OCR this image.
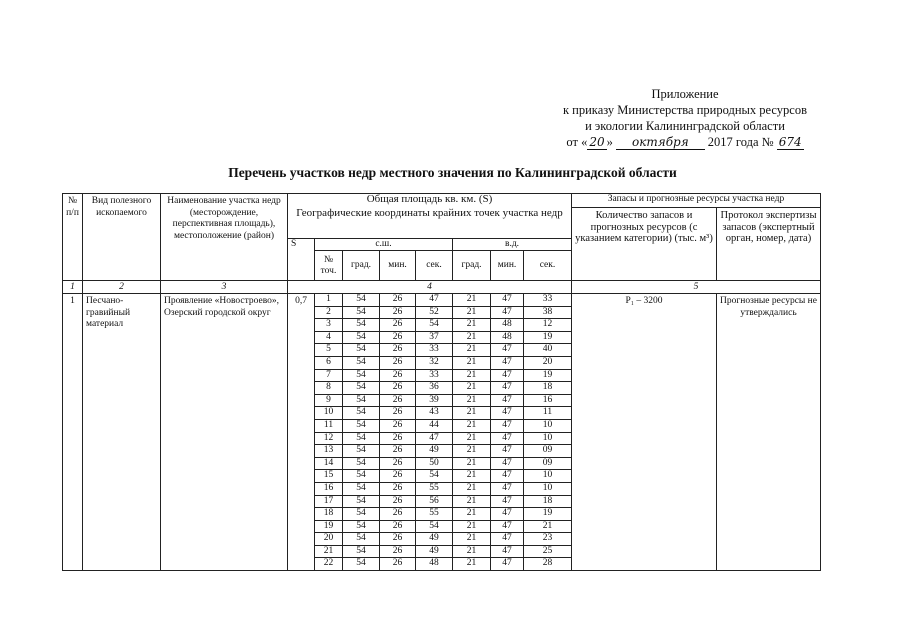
Приложение
к приказу Министерства природных ресурсов
и экологии Калининградской области
от « 20 » октября 2017 года № 674
Перечень участков недр местного значения по Калининградской области
№ п/п	Вид полезного ископаемого	Наименование участка недр (месторождение, перспективная площадь), местоположение (район)	Общая площадь кв. км. (S)								Запасы и прогнозные ресурсы участка недр	
			Географические координаты крайних точек участка недр								Количество запасов и прогнозных ресурсов (с указанием категории) (тыс. м³)	Протокол экспертизы запасов (экспертный орган, номер, дата)
			S	с.ш.				в.д.				
				№ точ.	град.	мин.	сек.	град.	мин.	сек.		
1	2	3	4								5	
1	Песчано-гравийный материал	Проявление «Новостроево», Озерский городской округ	0,7	1	54	26	47	21	47	33	P₁ – 3200	Прогнозные ресурсы не утверждались
				2	54	26	52	21	47	38		
				3	54	26	54	21	48	12		
				4	54	26	37	21	48	19		
				5	54	26	33	21	47	40		
				6	54	26	32	21	47	20		
				7	54	26	33	21	47	19		
				8	54	26	36	21	47	18		
				9	54	26	39	21	47	16		
				10	54	26	43	21	47	11		
				11	54	26	44	21	47	10		
				12	54	26	47	21	47	10		
				13	54	26	49	21	47	09		
				14	54	26	50	21	47	09		
				15	54	26	54	21	47	10		
				16	54	26	55	21	47	10		
				17	54	26	56	21	47	18		
				18	54	26	55	21	47	19		
				19	54	26	54	21	47	21		
				20	54	26	49	21	47	23		
				21	54	26	49	21	47	25		
				22	54	26	48	21	47	28		
